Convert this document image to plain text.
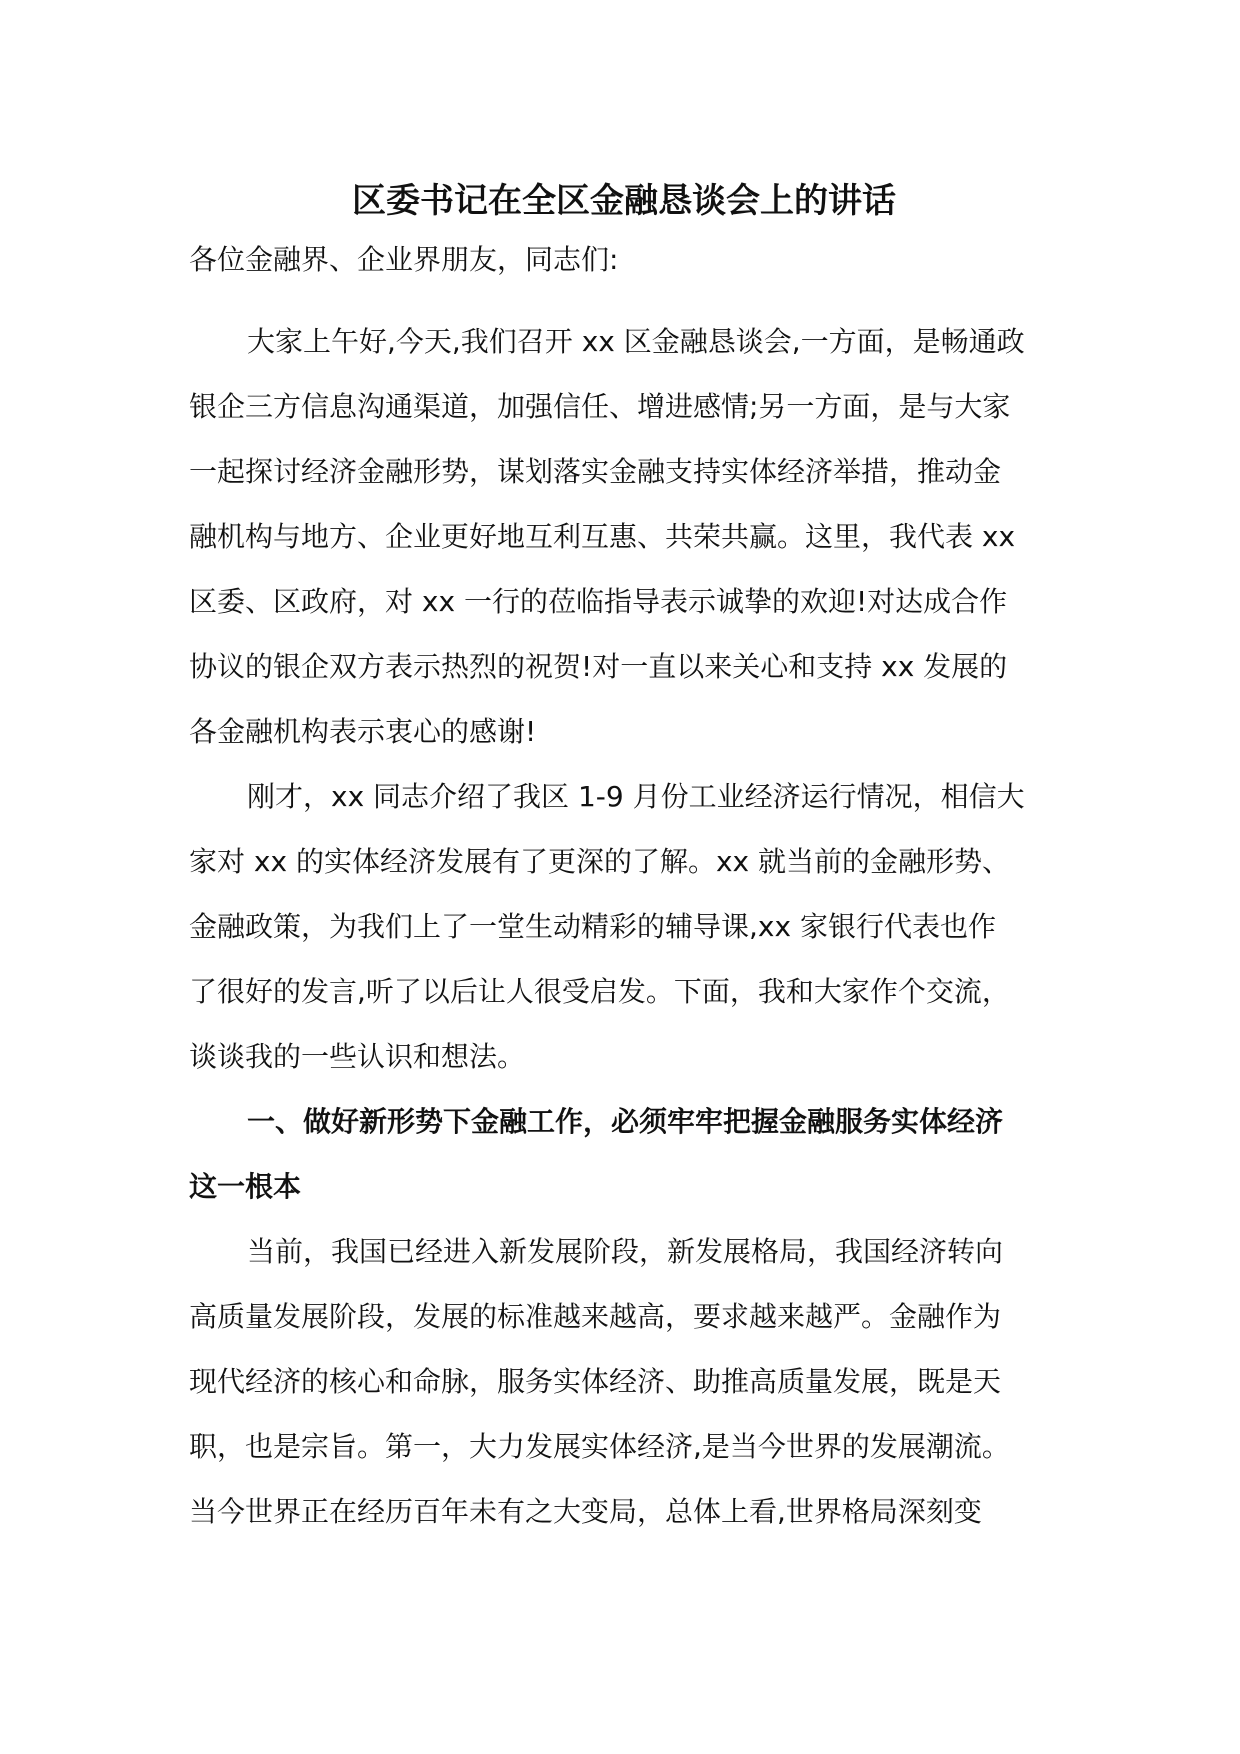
区委书记在全区金融恳谈会上的讲话
各位金融界、企业界朋友，同志们:
大家上午好,今天,我们召开 xx 区金融恳谈会,一方面，是畅通政
银企三方信息沟通渠道，加强信任、增进感情;另一方面，是与大家
一起探讨经济金融形势，谋划落实金融支持实体经济举措，推动金
融机构与地方、企业更好地互利互惠、共荣共赢。这里，我代表 xx
区委、区政府，对 xx 一行的莅临指导表示诚挚的欢迎!对达成合作
协议的银企双方表示热烈的祝贺!对一直以来关心和支持 xx 发展的
各金融机构表示衷心的感谢!
刚才，xx 同志介绍了我区 1-9 月份工业经济运行情况，相信大
家对 xx 的实体经济发展有了更深的了解。xx 就当前的金融形势、
金融政策，为我们上了一堂生动精彩的辅导课,xx 家银行代表也作
了很好的发言,听了以后让人很受启发。下面，我和大家作个交流，
谈谈我的一些认识和想法。
一、做好新形势下金融工作，必须牢牢把握金融服务实体经济
这一根本
当前，我国已经进入新发展阶段，新发展格局，我国经济转向
高质量发展阶段，发展的标准越来越高，要求越来越严。金融作为
现代经济的核心和命脉，服务实体经济、助推高质量发展，既是天
职，也是宗旨。第一，大力发展实体经济,是当今世界的发展潮流。
当今世界正在经历百年未有之大变局，总体上看,世界格局深刻变
